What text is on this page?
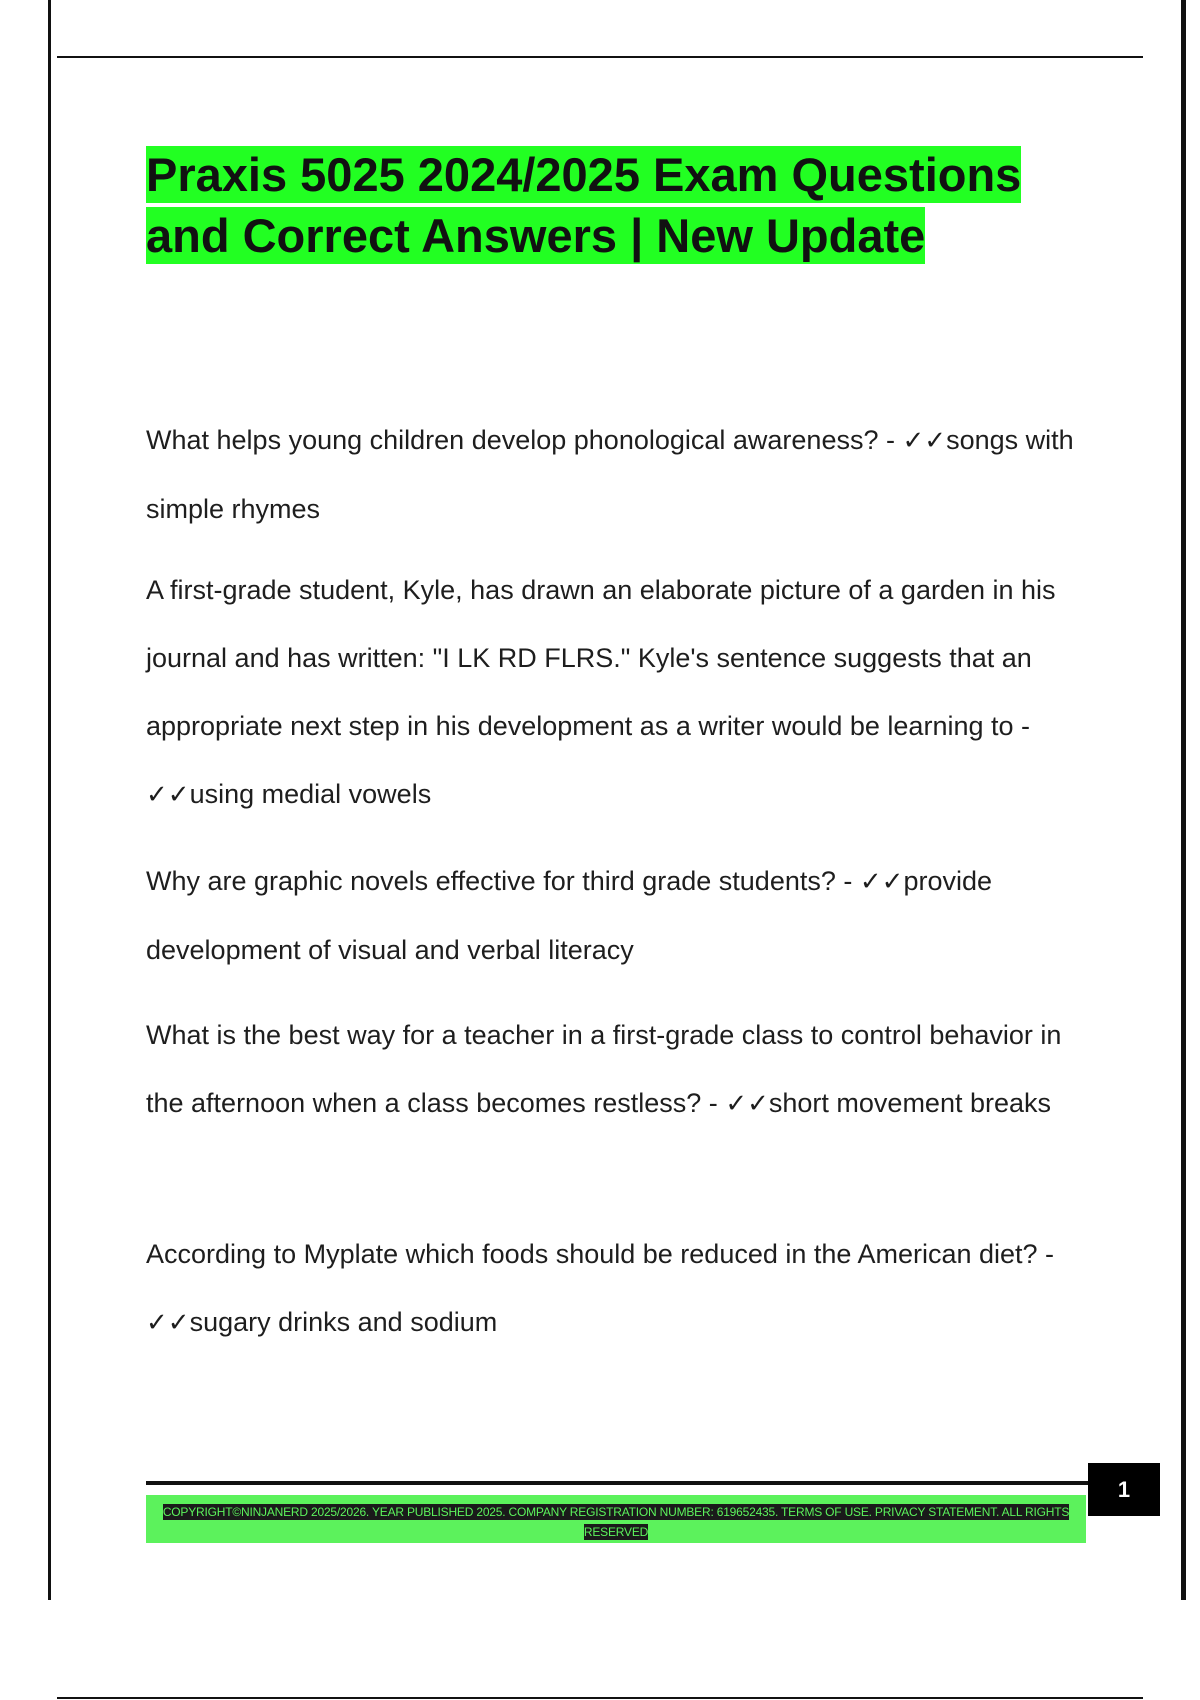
Praxis 5025 2024/2025 Exam Questions and Correct Answers | New Update

What helps young children develop phonological awareness? - ✓✓songs with simple rhymes

A first-grade student, Kyle, has drawn an elaborate picture of a garden in his journal and has written: "I LK RD FLRS." Kyle's sentence suggests that an appropriate next step in his development as a writer would be learning to - ✓✓using medial vowels

Why are graphic novels effective for third grade students? - ✓✓provide development of visual and verbal literacy

What is the best way for a teacher in a first-grade class to control behavior in the afternoon when a class becomes restless? - ✓✓short movement breaks

According to Myplate which foods should be reduced in the American diet? - ✓✓sugary drinks and sodium

1
COPYRIGHT©NINJANERD 2025/2026. YEAR PUBLISHED 2025. COMPANY REGISTRATION NUMBER: 619652435. TERMS OF USE. PRIVACY STATEMENT. ALL RIGHTS RESERVED
